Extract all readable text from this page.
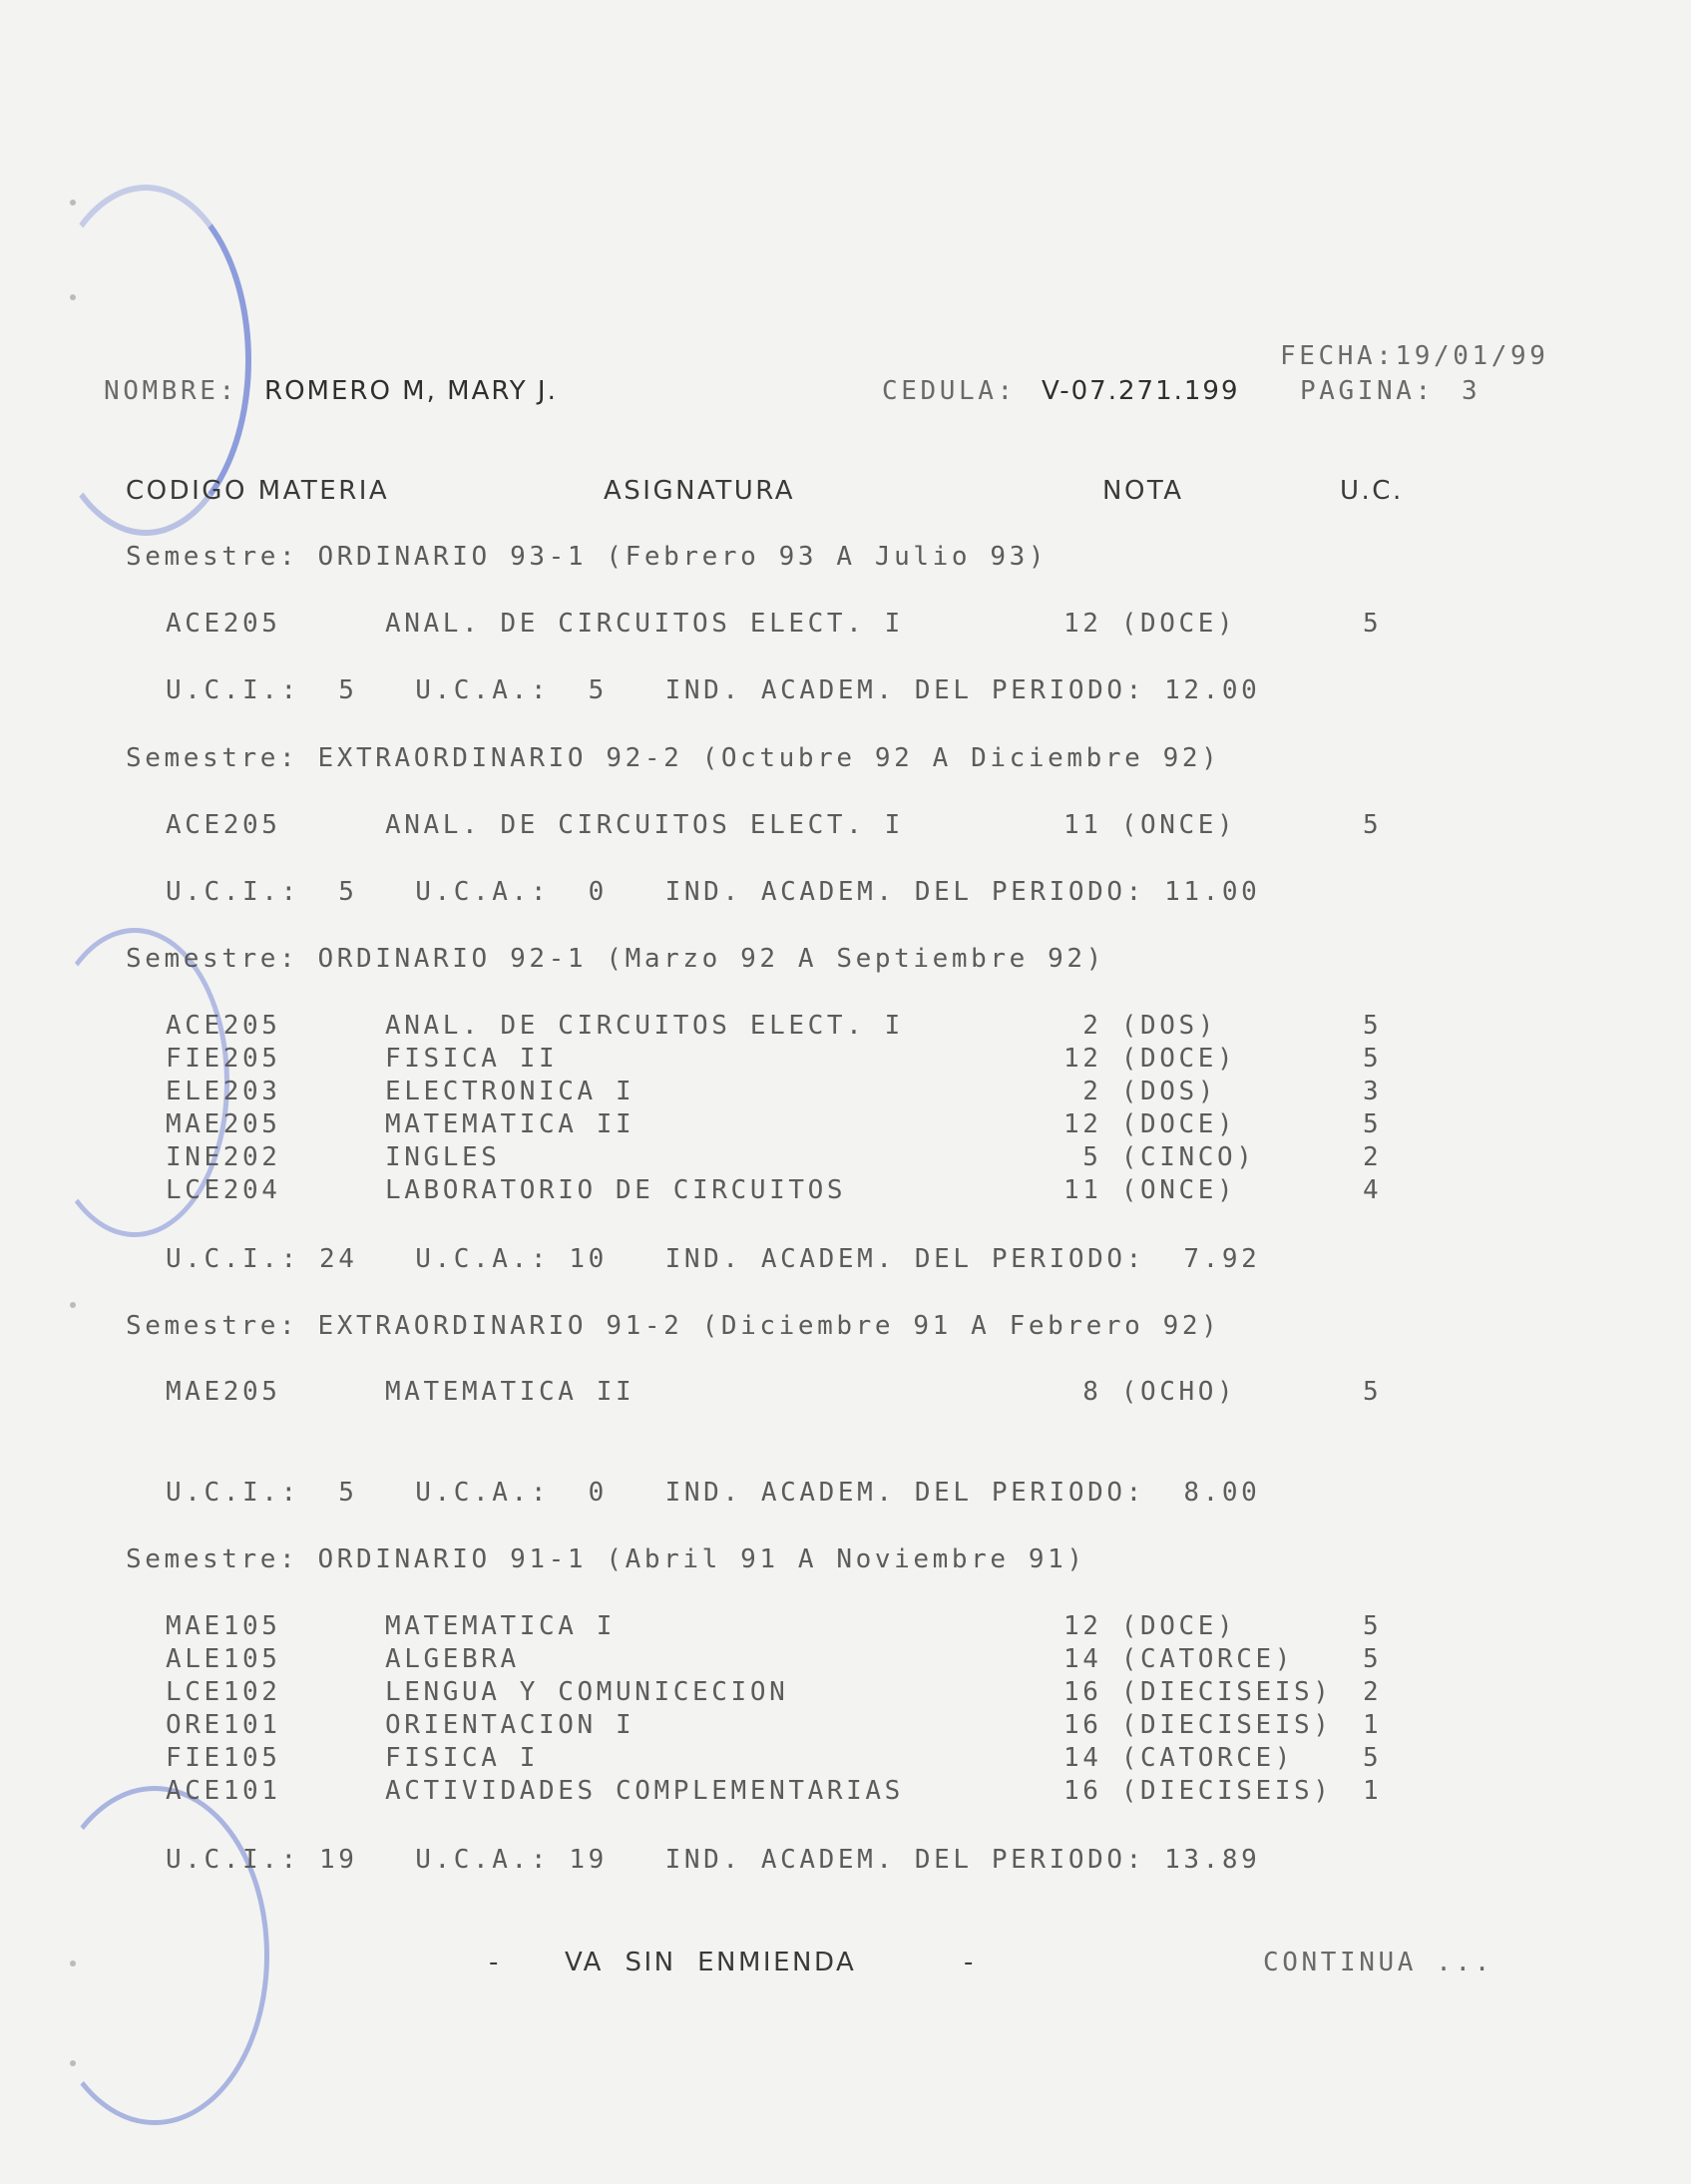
FECHA:19/01/99
NOMBRE: ROMERO M, MARY J.	CEDULA: V-07.271.199 PAGINA: 3
CODIGO MATERIA	ASIGNATURA	NOTA	U.C.
Semestre: ORDINARIO 93-1 (Febrero 93 A Julio 93)
ACE205	ANAL. DE CIRCUITOS ELECT. I	12 (DOCE)	5
U.C.I.:  5   U.C.A.:  5   IND. ACADEM. DEL PERIODO: 12.00
Semestre: EXTRAORDINARIO 92-2 (Octubre 92 A Diciembre 92)
ACE205	ANAL. DE CIRCUITOS ELECT. I	11 (ONCE)	5
U.C.I.:  5   U.C.A.:  0   IND. ACADEM. DEL PERIODO: 11.00
Semestre: ORDINARIO 92-1 (Marzo 92 A Septiembre 92)
ACE205	ANAL. DE CIRCUITOS ELECT. I	2 (DOS)	5
FIE205	FISICA II	12 (DOCE)	5
ELE203	ELECTRONICA I	2 (DOS)	3
MAE205	MATEMATICA II	12 (DOCE)	5
INE202	INGLES	5 (CINCO)	2
LCE204	LABORATORIO DE CIRCUITOS	11 (ONCE)	4
U.C.I.: 24   U.C.A.: 10   IND. ACADEM. DEL PERIODO:  7.92
Semestre: EXTRAORDINARIO 91-2 (Diciembre 91 A Febrero 92)
MAE205	MATEMATICA II	8 (OCHO)	5
U.C.I.:  5   U.C.A.:  0   IND. ACADEM. DEL PERIODO:  8.00
Semestre: ORDINARIO 91-1 (Abril 91 A Noviembre 91)
MAE105	MATEMATICA I	12 (DOCE)	5
ALE105	ALGEBRA	14 (CATORCE)	5
LCE102	LENGUA Y COMUNICECION	16 (DIECISEIS) 2
ORE101	ORIENTACION I	16 (DIECISEIS) 1
FIE105	FISICA I	14 (CATORCE)	5
ACE101	ACTIVIDADES COMPLEMENTARIAS	16 (DIECISEIS) 1
U.C.I.: 19   U.C.A.: 19   IND. ACADEM. DEL PERIODO: 13.89
- VA  SIN  ENMIENDA	-	CONTINUA ...
